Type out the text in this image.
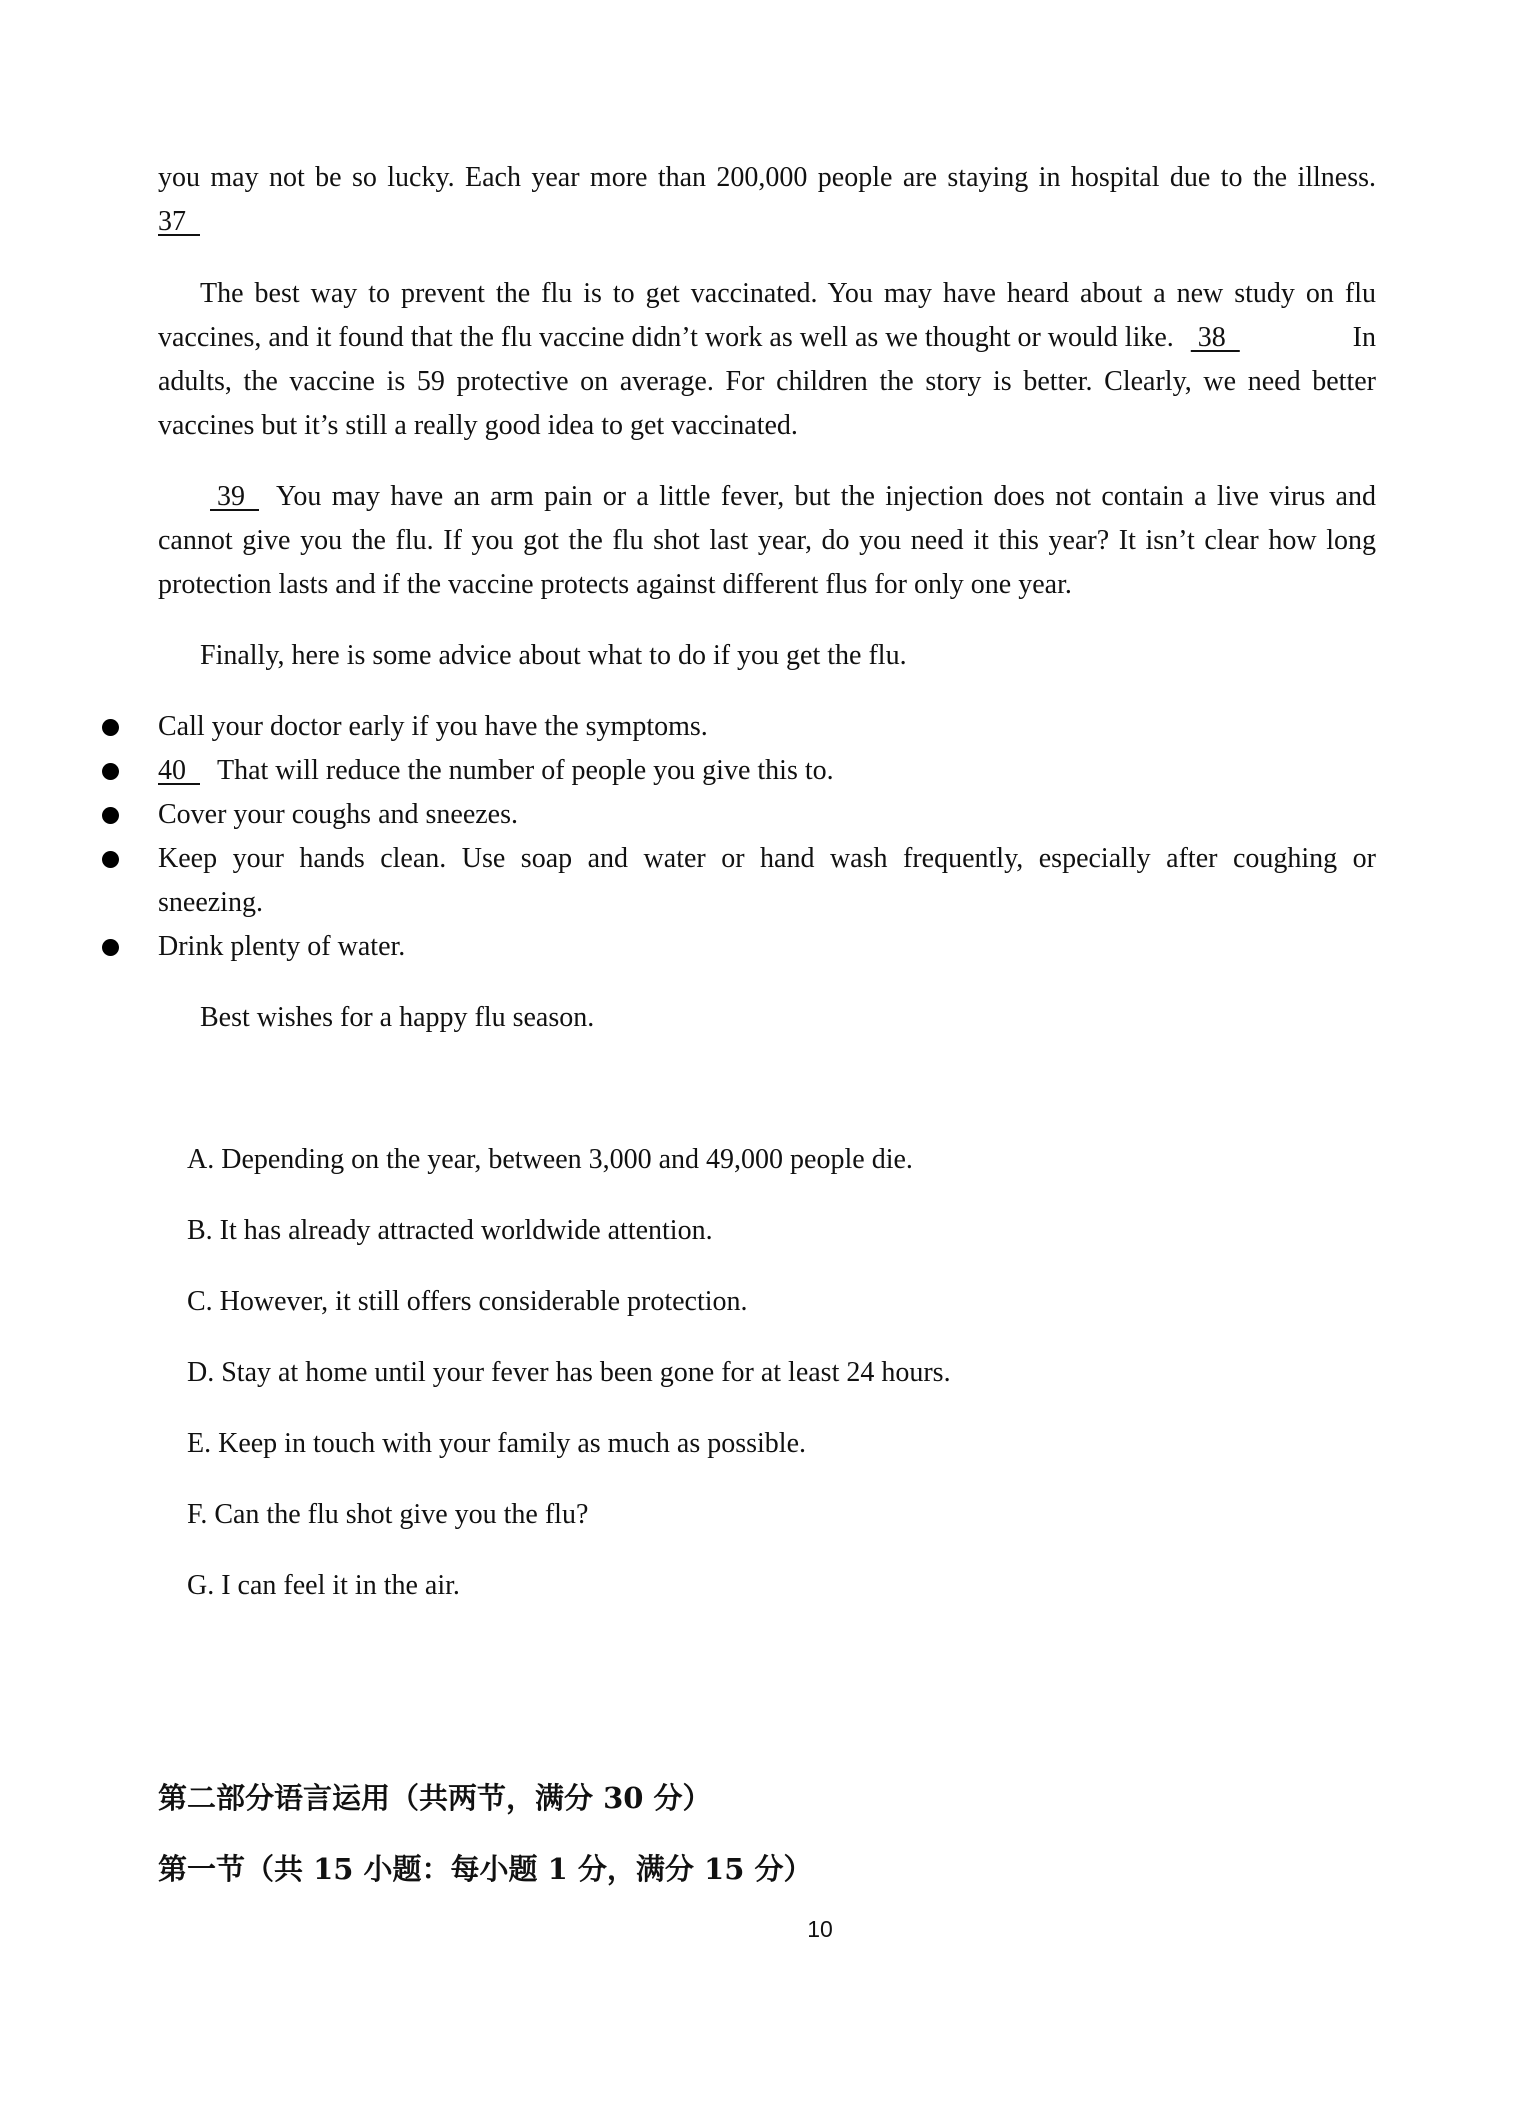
you may not be so lucky. Each year more than 200,000 people are staying in hospital due to the illness.
37
The best way to prevent the flu is to get vaccinated. You may have heard about a new study on flu
vaccines, and it found that the flu vaccine didn’t work as well as we thought or would like.  38	In
adults, the vaccine is 59 protective on average. For children the story is better. Clearly, we need better
vaccines but it’s still a really good idea to get vaccinated.
39 You may have an arm pain or a little fever, but the injection does not contain a live virus and
cannot give you the flu. If you got the flu shot last year, do you need it this year? It isn’t clear how long
protection lasts and if the vaccine protects against different flus for only one year.
Finally, here is some advice about what to do if you get the flu.
Call your doctor early if you have the symptoms.
40   That will reduce the number of people you give this to.
Cover your coughs and sneezes.
Keep your hands clean. Use soap and water or hand wash frequently, especially after coughing or
sneezing.
Drink plenty of water.
Best wishes for a happy flu season.
A. Depending on the year, between 3,000 and 49,000 people die.
B. It has already attracted worldwide attention.
C. However, it still offers considerable protection.
D. Stay at home until your fever has been gone for at least 24 hours.
E. Keep in touch with your family as much as possible.
F. Can the flu shot give you the flu?
G. I can feel it in the air.
第二部分语言运用（共两节，满分 30 分）
第一节（共 15 小题：每小题 1 分，满分 15 分）
10
